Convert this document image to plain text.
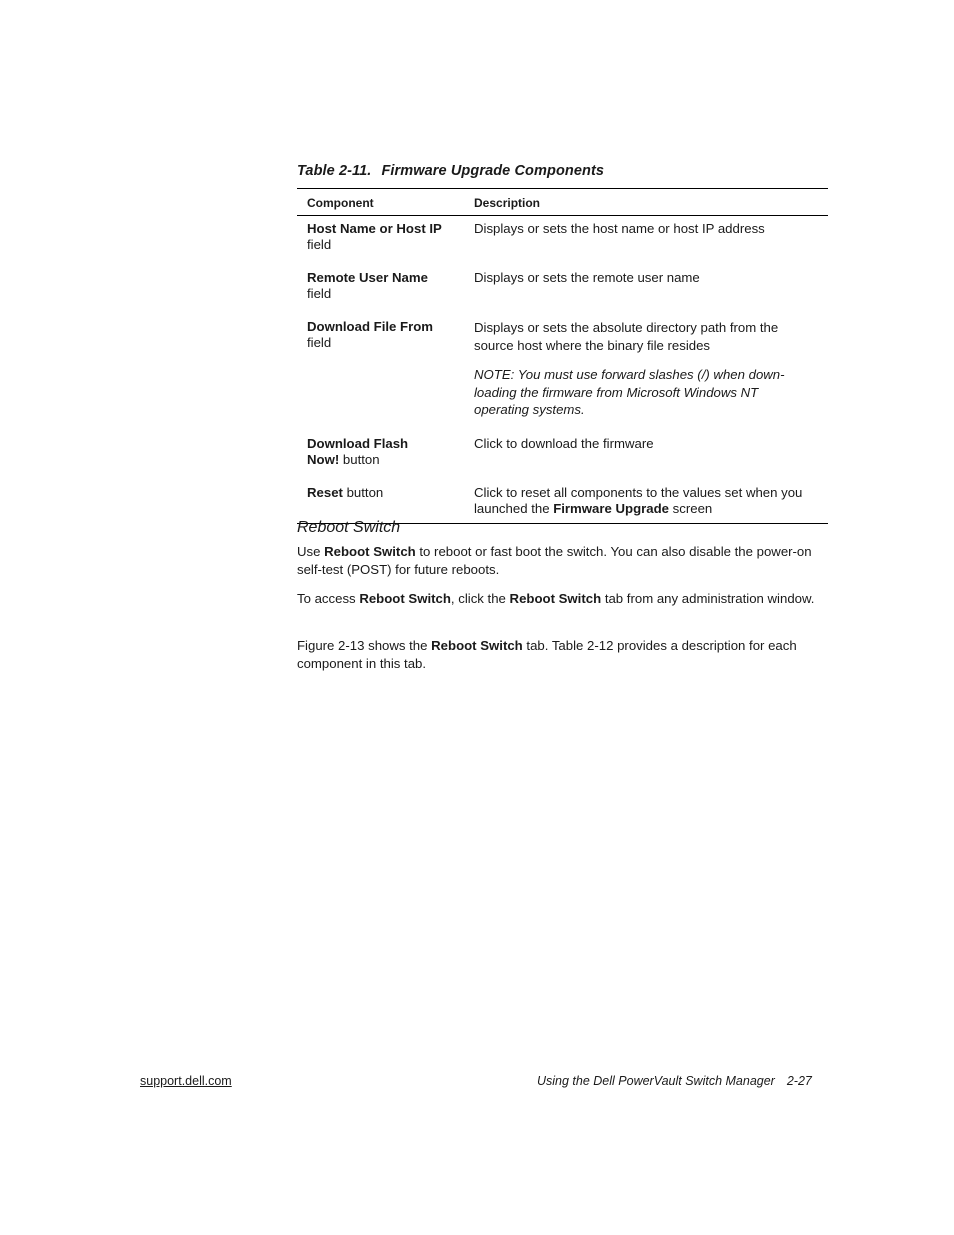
Table 2-11. Firmware Upgrade Components
Component	Description
Host Name or Host IP
field	Displays or sets the host name or host IP address

Remote User Name
field	Displays or sets the remote user name

Download File From
field	Displays or sets the absolute directory path from the source host where the binary file resides
NOTE: You must use forward slashes (/) when down-loading the firmware from Microsoft Windows NT operating systems.

Download Flash
Now! button	Click to download the firmware

Reset button	Click to reset all components to the values set when you launched the Firmware Upgrade screen
Reboot Switch

Use Reboot Switch to reboot or fast boot the switch. You can also disable the power-on self-test (POST) for future reboots.

To access Reboot Switch, click the Reboot Switch tab from any administration window.

Figure 2-13 shows the Reboot Switch tab. Table 2-12 provides a description for each component in this tab.

support.dell.com	Using the Dell PowerVault Switch Manager 2-27
